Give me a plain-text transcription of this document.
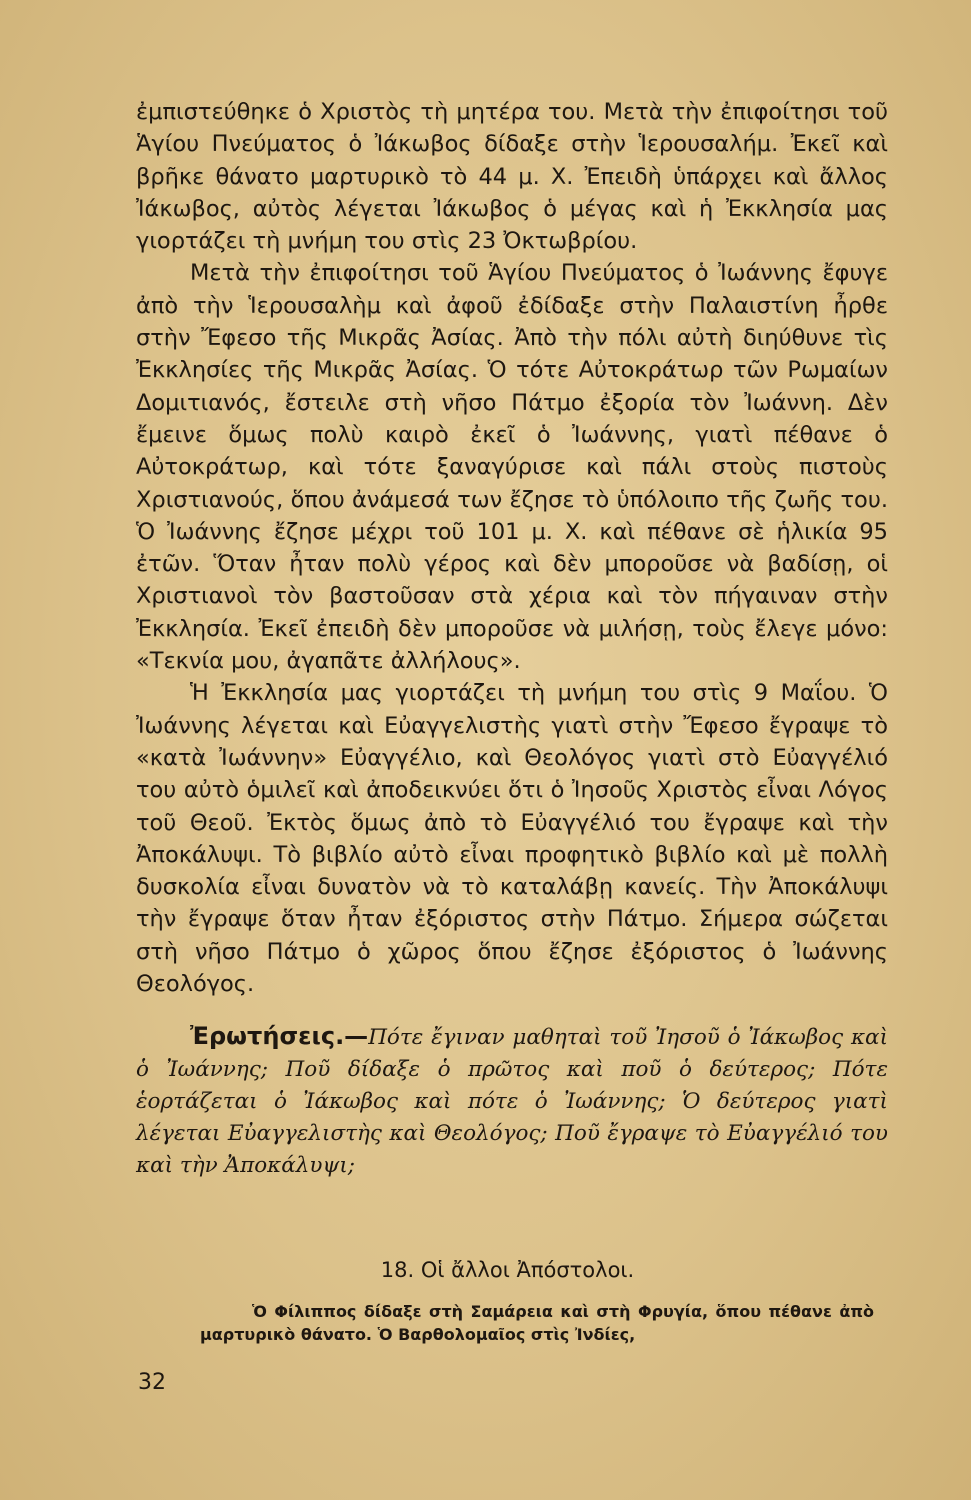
ἐμπιστεύθηκε ὁ Χριστὸς τὴ μητέρα του. Μετὰ τὴν ἐπιφοίτησι τοῦ Ἁγίου Πνεύματος ὁ Ἰάκωβος δίδαξε στὴν Ἱερουσαλήμ. Ἐκεῖ καὶ βρῆκε θάνατο μαρτυρικὸ τὸ 44 μ. Χ. Ἐπειδὴ ὑπάρχει καὶ ἄλλος Ἰάκωβος, αὐτὸς λέγεται Ἰάκωβος ὁ μέγας καὶ ἡ Ἐκκλησία μας γιορτάζει τὴ μνήμη του στὶς 23 Ὀκτωβρίου.

Μετὰ τὴν ἐπιφοίτησι τοῦ Ἁγίου Πνεύματος ὁ Ἰωάννης ἔφυγε ἀπὸ τὴν Ἱερουσαλὴμ καὶ ἀφοῦ ἐδίδαξε στὴν Παλαιστίνη ἦρθε στὴν Ἔφεσο τῆς Μικρᾶς Ἀσίας. Ἀπὸ τὴν πόλι αὐτὴ διηύθυνε τὶς Ἐκκλησίες τῆς Μικρᾶς Ἀσίας. Ὁ τότε Αὐτοκράτωρ τῶν Ρωμαίων Δομιτιανός, ἔστειλε στὴ νῆσο Πάτμο ἐξορία τὸν Ἰωάννη. Δὲν ἔμεινε ὅμως πολὺ καιρὸ ἐκεῖ ὁ Ἰωάννης, γιατὶ πέθανε ὁ Αὐτοκράτωρ, καὶ τότε ξαναγύρισε καὶ πάλι στοὺς πιστοὺς Χριστιανούς, ὅπου ἀνάμεσά των ἔζησε τὸ ὑπόλοιπο τῆς ζωῆς του. Ὁ Ἰωάννης ἔζησε μέχρι τοῦ 101 μ. Χ. καὶ πέθανε σὲ ἡλικία 95 ἐτῶν. Ὅταν ἦταν πολὺ γέρος καὶ δὲν μποροῦσε νὰ βαδίσῃ, οἱ Χριστιανοὶ τὸν βαστοῦσαν στὰ χέρια καὶ τὸν πήγαιναν στὴν Ἐκκλησία. Ἐκεῖ ἐπειδὴ δὲν μποροῦσε νὰ μιλήσῃ, τοὺς ἔλεγε μόνο: «Τεκνία μου, ἀγαπᾶτε ἀλλήλους».

Ἡ Ἐκκλησία μας γιορτάζει τὴ μνήμη του στὶς 9 Μαΐου. Ὁ Ἰωάννης λέγεται καὶ Εὐαγγελιστὴς γιατὶ στὴν Ἔφεσο ἔγραψε τὸ «κατὰ Ἰωάννην» Εὐαγγέλιο, καὶ Θεολόγος γιατὶ στὸ Εὐαγγέλιό του αὐτὸ ὁμιλεῖ καὶ ἀποδεικνύει ὅτι ὁ Ἰησοῦς Χριστὸς εἶναι Λόγος τοῦ Θεοῦ. Ἐκτὸς ὅμως ἀπὸ τὸ Εὐαγγέλιό του ἔγραψε καὶ τὴν Ἀποκάλυψι. Τὸ βιβλίο αὐτὸ εἶναι προφητικὸ βιβλίο καὶ μὲ πολλὴ δυσκολία εἶναι δυνατὸν νὰ τὸ καταλάβῃ κανείς. Τὴν Ἀποκάλυψι τὴν ἔγραψε ὅταν ἦταν ἐξόριστος στὴν Πάτμο. Σήμερα σώζεται στὴ νῆσο Πάτμο ὁ χῶρος ὅπου ἔζησε ἐξόριστος ὁ Ἰωάννης Θεολόγος.

Ἐρωτήσεις.—Πότε ἔγιναν μαθηταὶ τοῦ Ἰησοῦ ὁ Ἰάκωβος καὶ ὁ Ἰωάννης; Ποῦ δίδαξε ὁ πρῶτος καὶ ποῦ ὁ δεύτερος; Πότε ἑορτάζεται ὁ Ἰάκωβος καὶ πότε ὁ Ἰωάννης; Ὁ δεύτερος γιατὶ λέγεται Εὐαγγελιστὴς καὶ Θεολόγος; Ποῦ ἔγραψε τὸ Εὐαγγέλιό του καὶ τὴν Ἀποκάλυψι;

18. Οἱ ἄλλοι Ἀπόστολοι.

Ὁ Φίλιππος δίδαξε στὴ Σαμάρεια καὶ στὴ Φρυγία, ὅπου πέθανε ἀπὸ μαρτυρικὸ θάνατο. Ὁ Βαρθολομαῖος στὶς Ἰνδίες,

32
